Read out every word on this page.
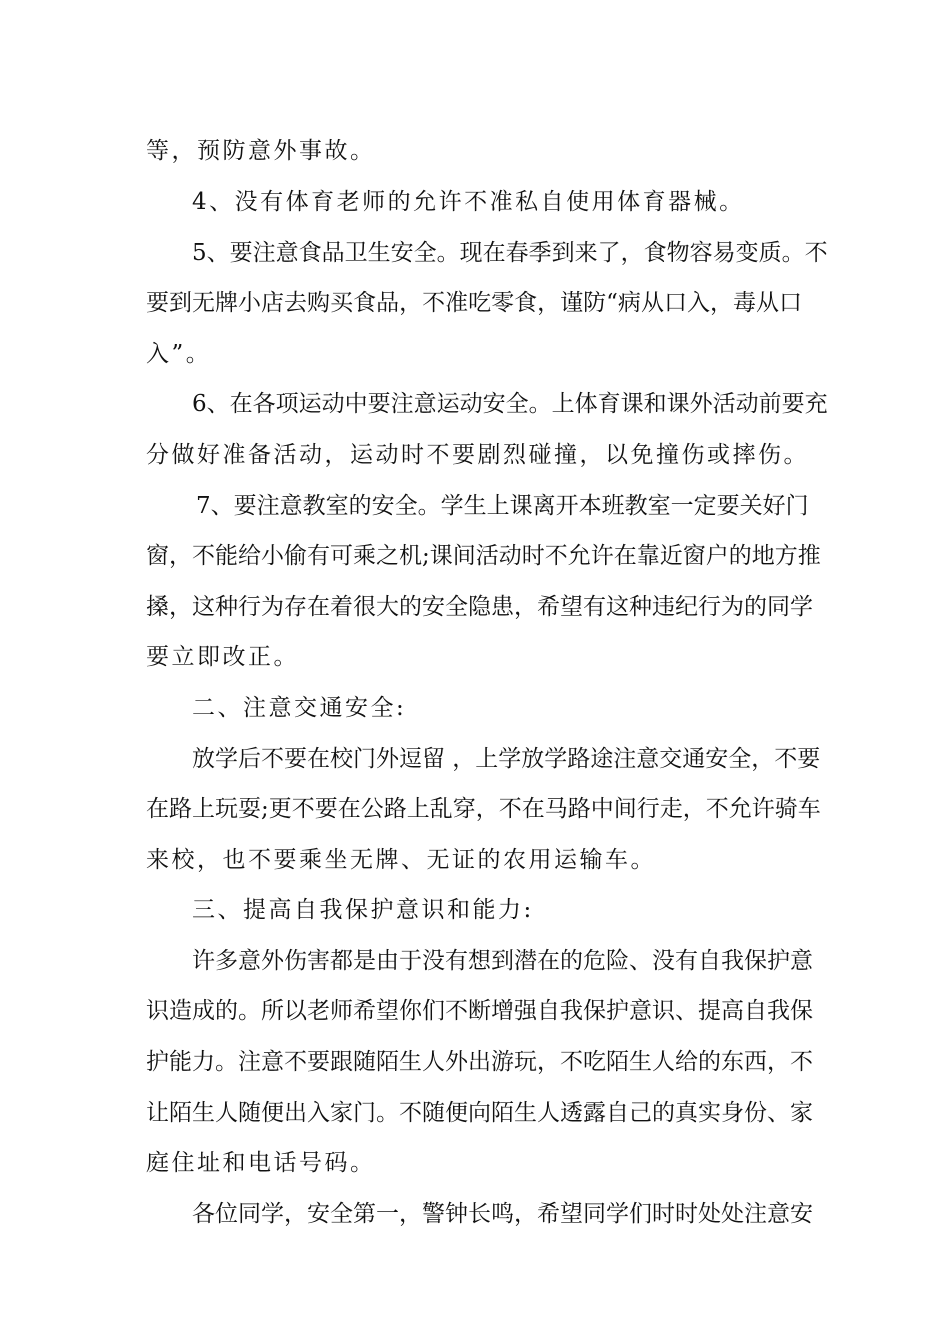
等，预防意外事故。
4、没有体育老师的允许不准私自使用体育器械。
5、要注意食品卫生安全。现在春季到来了，食物容易变质。不
要到无牌小店去购买食品，不准吃零食，谨防“病从口入，毒从口
入”。
6、在各项运动中要注意运动安全。上体育课和课外活动前要充
分做好准备活动，运动时不要剧烈碰撞，以免撞伤或摔伤。
7、要注意教室的安全。学生上课离开本班教室一定要关好门
窗，不能给小偷有可乘之机;课间活动时不允许在靠近窗户的地方推
搡，这种行为存在着很大的安全隐患，希望有这种违纪行为的同学
要立即改正。
二、注意交通安全:
放学后不要在校门外逗留 ，上学放学路途注意交通安全，不要
在路上玩耍;更不要在公路上乱穿，不在马路中间行走，不允许骑车
来校，也不要乘坐无牌、无证的农用运输车。
三、提高自我保护意识和能力:
许多意外伤害都是由于没有想到潜在的危险、没有自我保护意
识造成的。所以老师希望你们不断增强自我保护意识、提高自我保
护能力。注意不要跟随陌生人外出游玩，不吃陌生人给的东西，不
让陌生人随便出入家门。不随便向陌生人透露自己的真实身份、家
庭住址和电话号码。
各位同学，安全第一，警钟长鸣，希望同学们时时处处注意安
